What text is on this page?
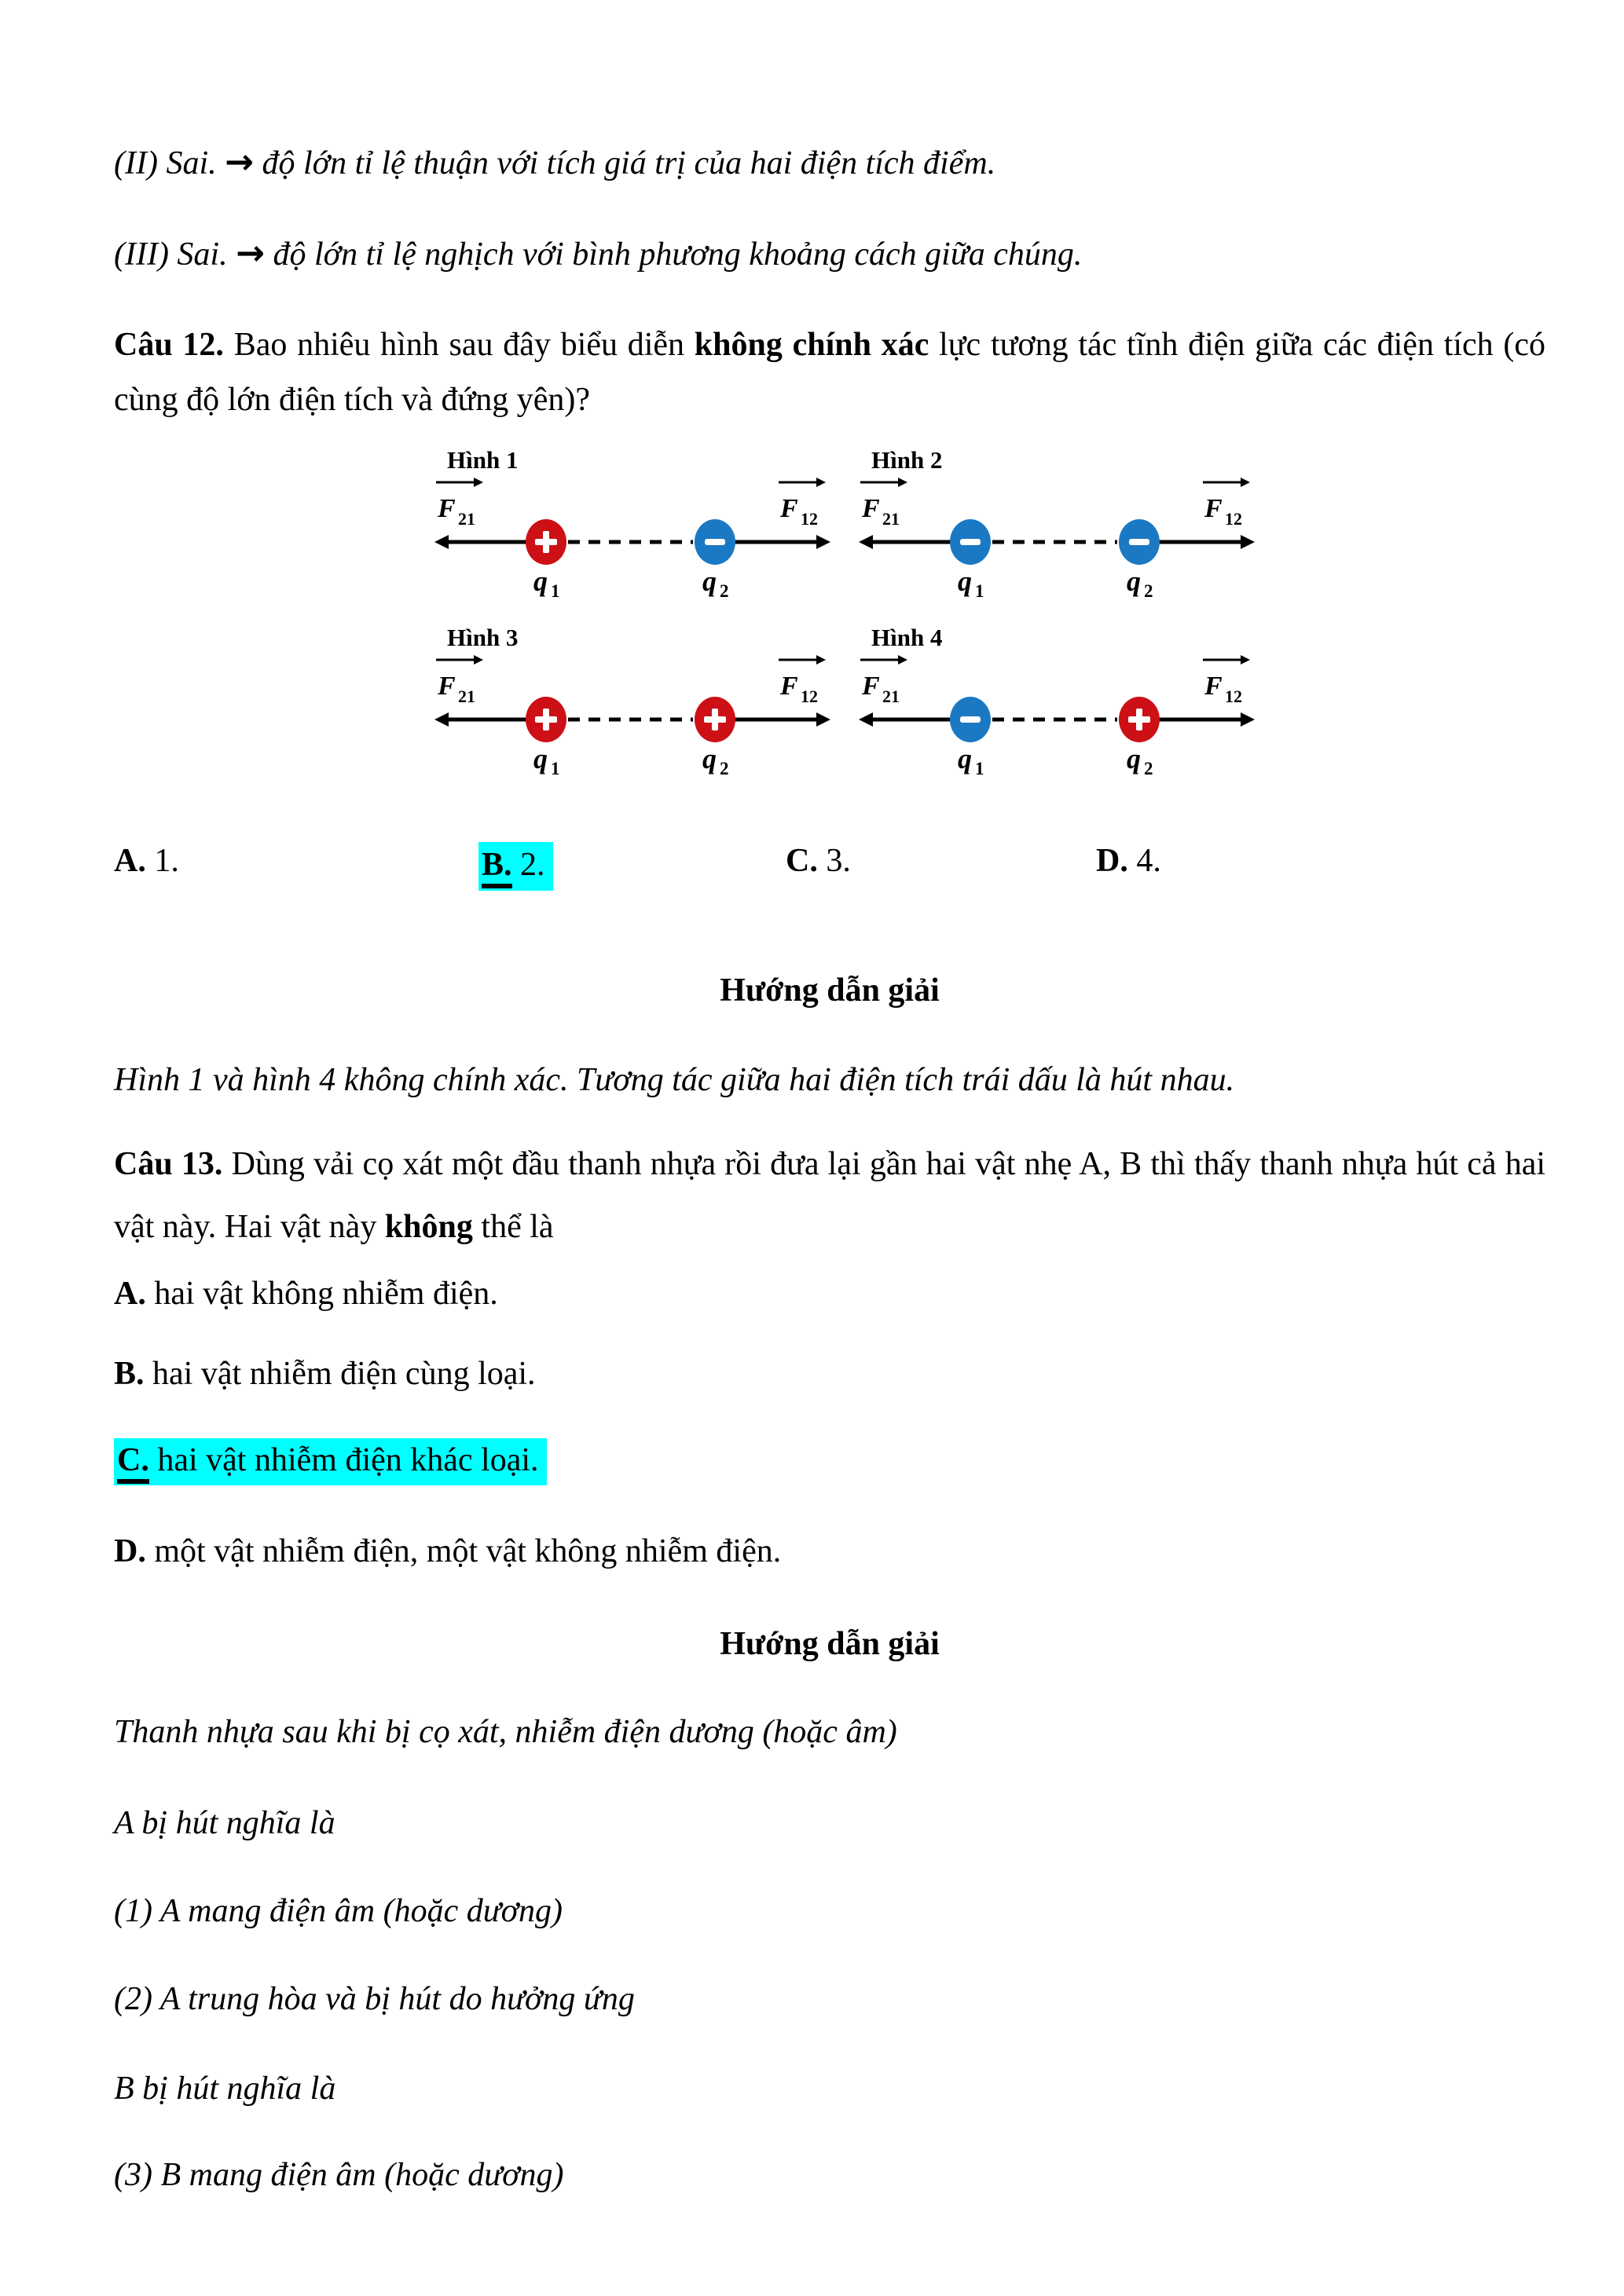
(II) Sai. → độ lớn tỉ lệ thuận với tích giá trị của hai điện tích điểm.

(III) Sai. → độ lớn tỉ lệ nghịch với bình phương khoảng cách giữa chúng.

Câu 12. Bao nhiêu hình sau đây biểu diễn không chính xác lực tương tác tĩnh điện giữa các điện tích (có cùng độ lớn điện tích và đứng yên)?

Hình 1
F 21	F 12
q 1	q 2
Hình 2
F 21	F 12
q 1	q 2
Hình 3
F 21	F 12
q 1	q 2
Hình 4
F 21	F 12
q 1	q 2
A. 1.	B. 2.	C. 3.	D. 4.

Hướng dẫn giải

Hình 1 và hình 4 không chính xác. Tương tác giữa hai điện tích trái dấu là hút nhau.

Câu 13. Dùng vải cọ xát một đầu thanh nhựa rồi đưa lại gần hai vật nhẹ A, B thì thấy thanh nhựa hút cả hai vật này. Hai vật này không thể là

A. hai vật không nhiễm điện.

B. hai vật nhiễm điện cùng loại.

C. hai vật nhiễm điện khác loại.

D. một vật nhiễm điện, một vật không nhiễm điện.

Hướng dẫn giải

Thanh nhựa sau khi bị cọ xát, nhiễm điện dương (hoặc âm)

A bị hút nghĩa là

(1) A mang điện âm (hoặc dương)

(2) A trung hòa và bị hút do hưởng ứng

B bị hút nghĩa là

(3) B mang điện âm (hoặc dương)
